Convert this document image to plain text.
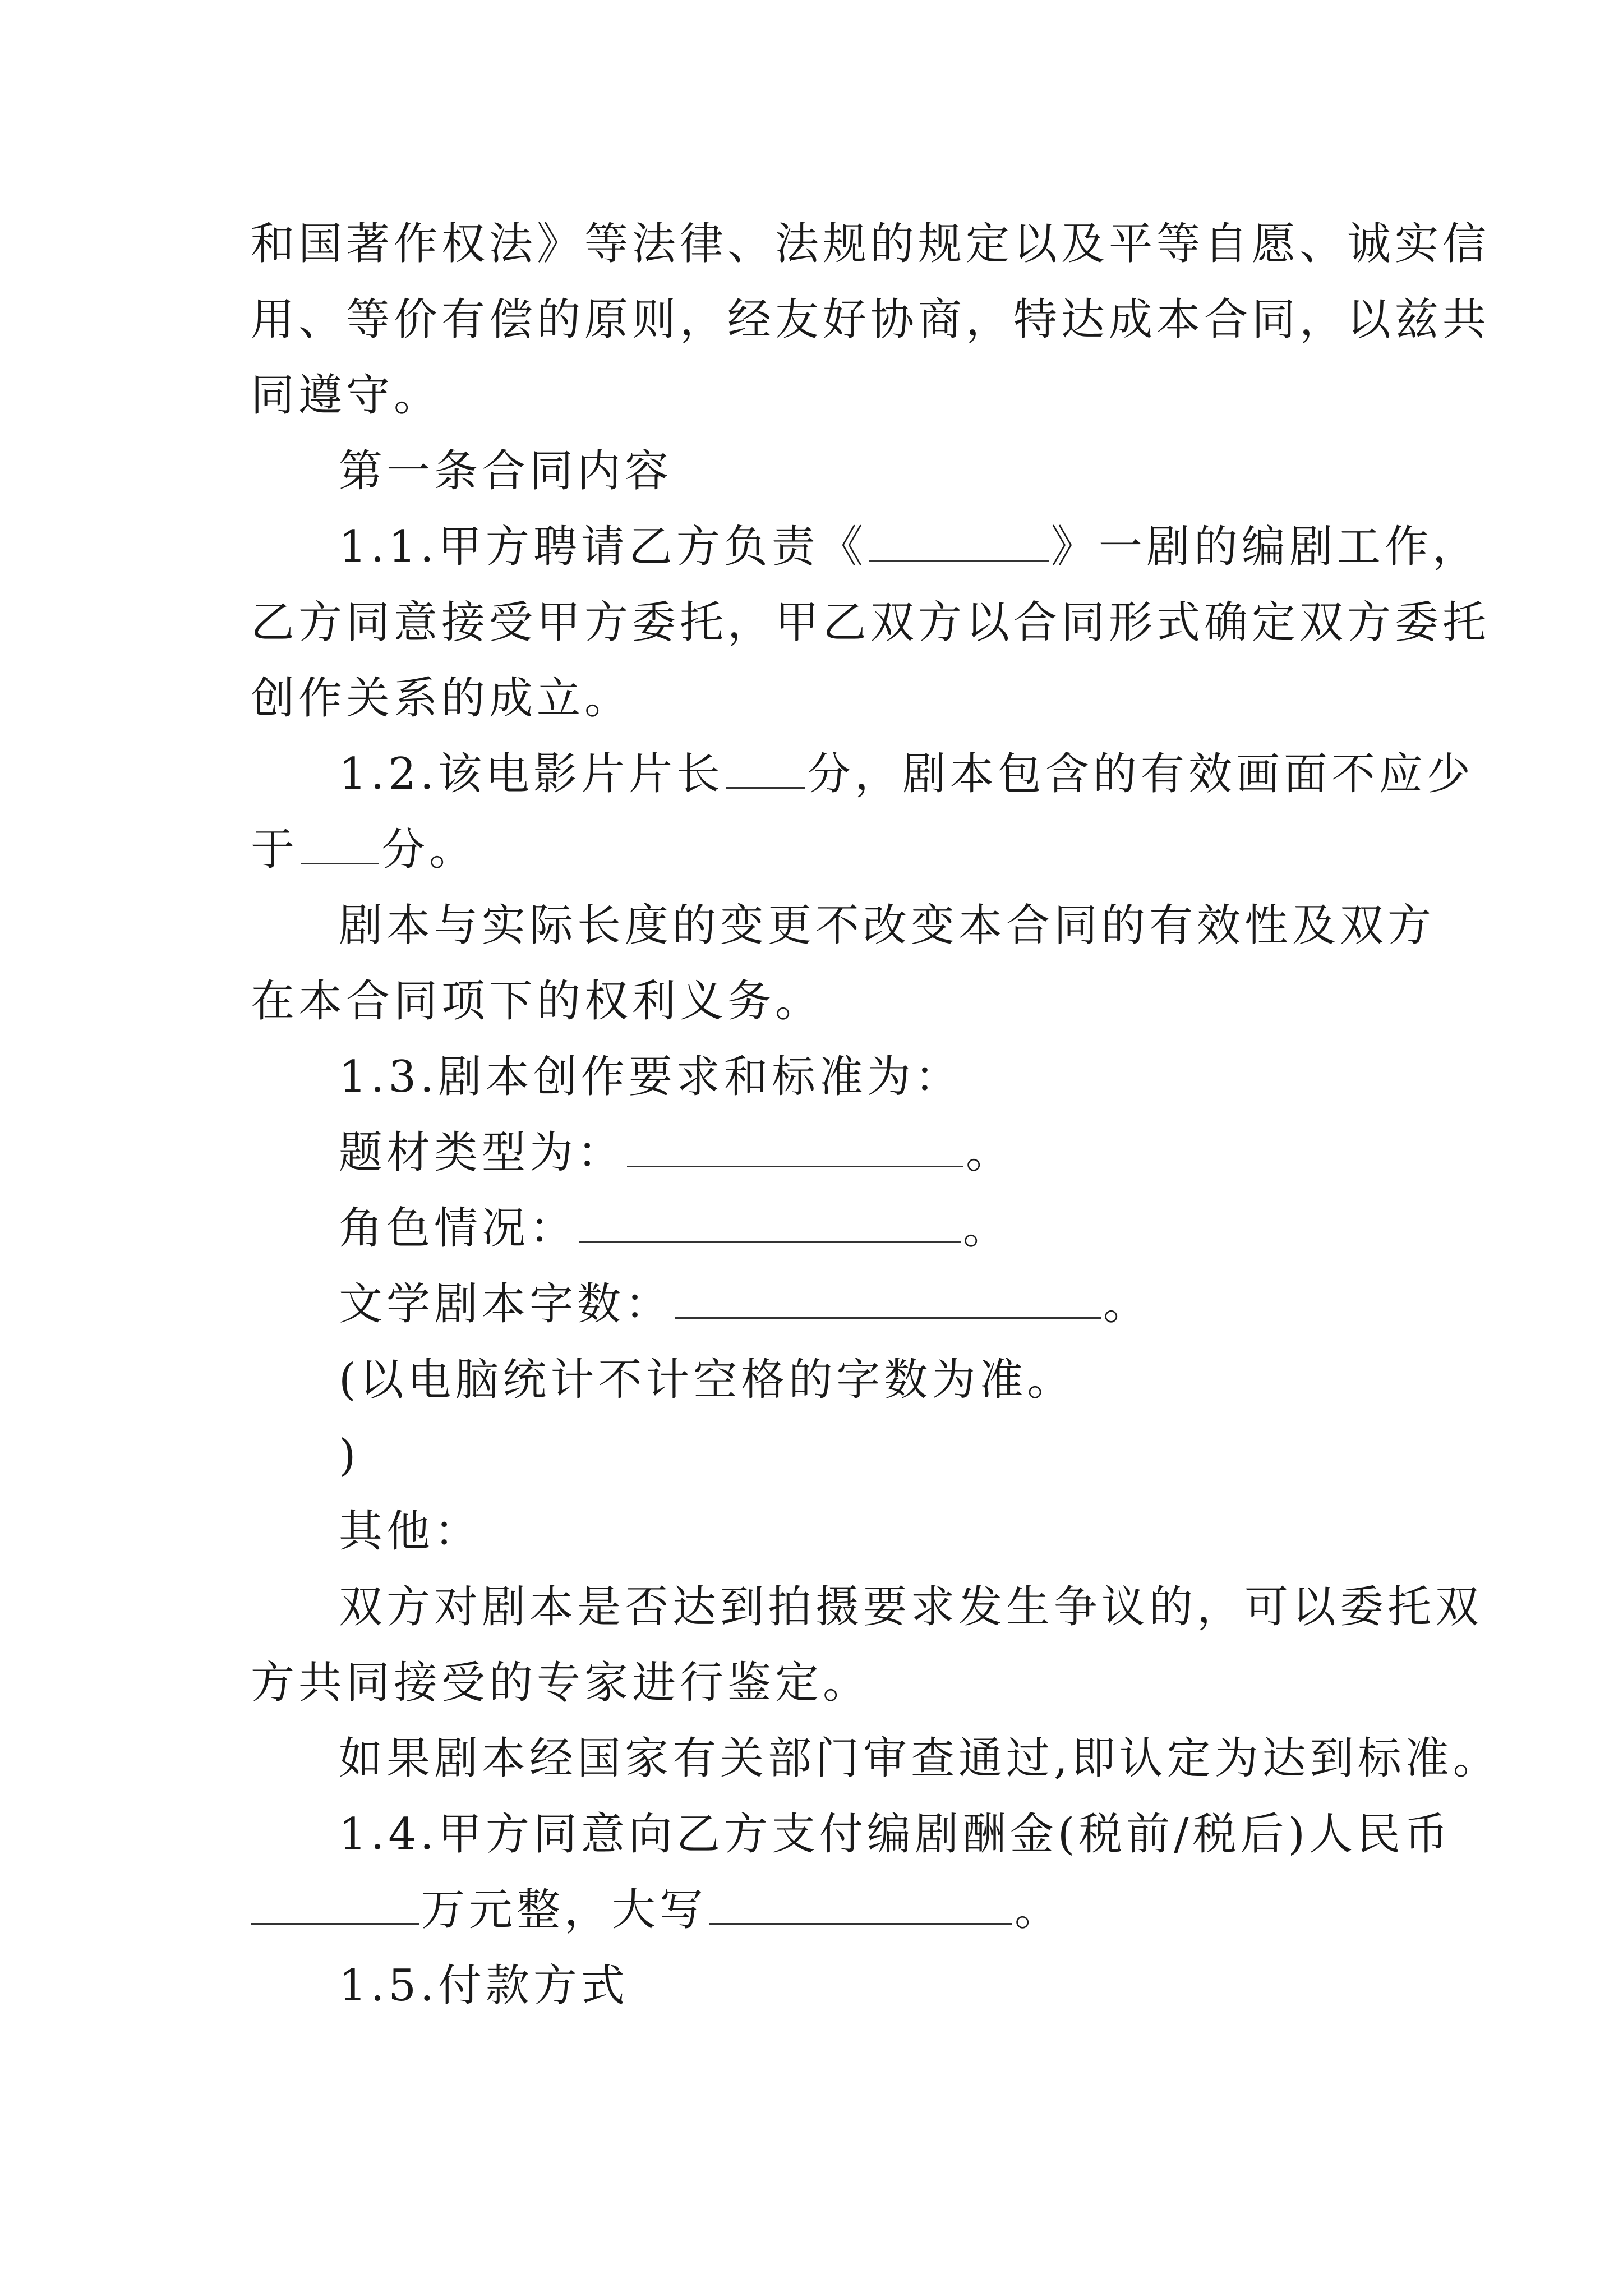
和国著作权法》等法律、法规的规定以及平等自愿、诚实信
用、等价有偿的原则，经友好协商，特达成本合同，以兹共
同遵守。
第一条合同内容
1.1.甲方聘请乙方负责《	》一剧的编剧工作，
乙方同意接受甲方委托，甲乙双方以合同形式确定双方委托
创作关系的成立。
1.2.该电影片片长 分，剧本包含的有效画面不应少
于 分。
剧本与实际长度的变更不改变本合同的有效性及双方
在本合同项下的权利义务。
1.3.剧本创作要求和标准为：
题材类型为：	。
角色情况：	。
文学剧本字数：	。
(以电脑统计不计空格的字数为准。
)
其他：
双方对剧本是否达到拍摄要求发生争议的，可以委托双
方共同接受的专家进行鉴定。
如果剧本经国家有关部门审查通过,即认定为达到标准。
1.4.甲方同意向乙方支付编剧酬金(税前/税后)人民币
万元整，大写	。
1.5.付款方式
